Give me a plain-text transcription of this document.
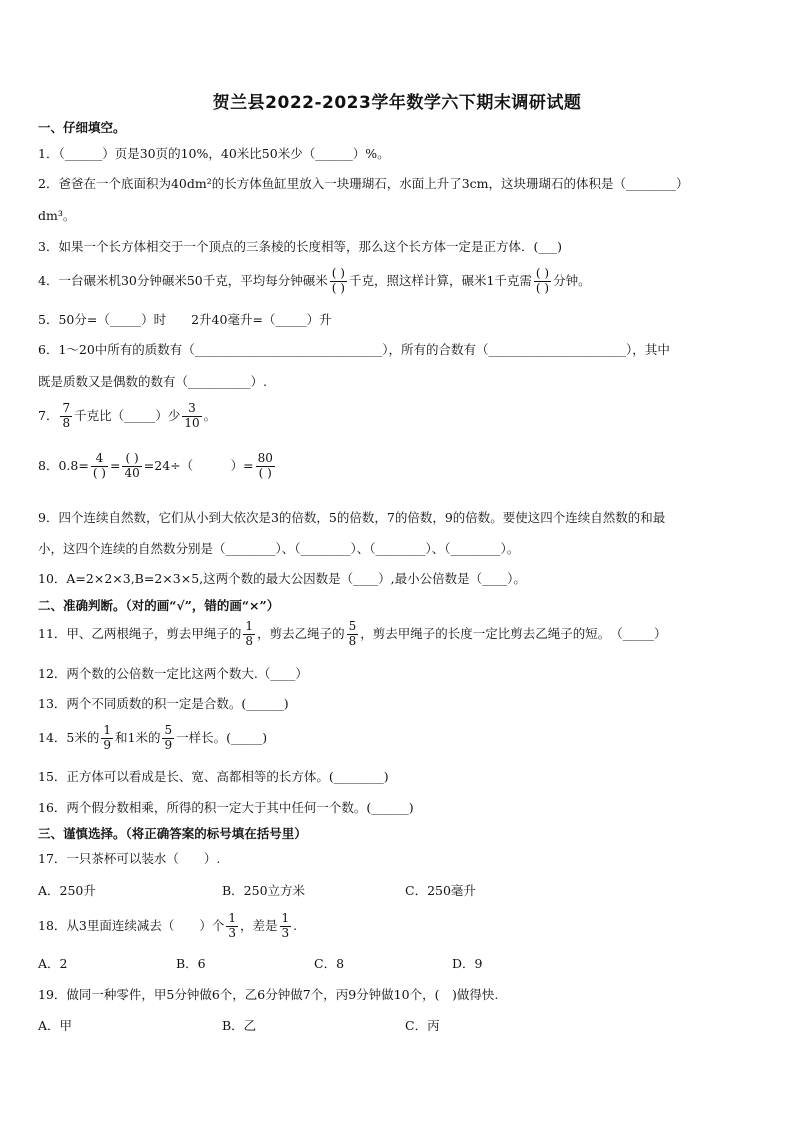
贺兰县2022-2023学年数学六下期末调研试题
一、仔细填空。
1．（______）页是30页的10%，40米比50米少（______）%。
2．爸爸在一个底面积为40dm²的长方体鱼缸里放入一块珊瑚石，水面上升了3cm，这块珊瑚石的体积是（________）
dm³。
3．如果一个长方体相交于一个顶点的三条棱的长度相等，那么这个长方体一定是正方体．(___)
4．一台碾米机30分钟碾米50千克，平均每分钟碾米 $\frac{( )}{( )}$ 千克，照这样计算，碾米1千克需 $\frac{( )}{( )}$ 分钟。
5．50分=（_____）时　　2升40毫升=（_____）升
6．1～20中所有的质数有（______________________________），所有的合数有（______________________），其中
既是质数又是偶数的数有（__________）.
7． $\frac{7}{8}$ 千克比（_____）少 $\frac{3}{10}$ 。
8．$0.8= \frac{4}{( )} = \frac{( )}{40} =24\div$（　　　）= $\frac{80}{( )}$
9．四个连续自然数，它们从小到大依次是3的倍数，5的倍数，7的倍数，9的倍数。要使这四个连续自然数的和最
小，这四个连续的自然数分别是（________）、（________）、（________）、（________）。
10．A=2×2×3,B=2×3×5,这两个数的最大公因数是（____）,最小公倍数是（____）。
二、准确判断。（对的画“√”，错的画“×”）
11．甲、乙两根绳子，剪去甲绳子的 $\frac{1}{8}$ ，剪去乙绳子的 $\frac{5}{8}$ ，剪去甲绳子的长度一定比剪去乙绳子的短。　（_____）
12．两个数的公倍数一定比这两个数大.（____）
13．两个不同质数的积一定是合数。(______)
14．5米的 $\frac{1}{9}$ 和1米的 $\frac{5}{9}$ 一样长。(_____)
15．正方体可以看成是长、宽、高都相等的长方体。(________)
16．两个假分数相乘，所得的积一定大于其中任何一个数。(______)
三、谨慎选择。（将正确答案的标号填在括号里）
17．一只茶杯可以装水（　　）.
A．250升	B．250立方米	C．250毫升
18．从3里面连续减去（　　）个 $\frac{1}{3}$ ，差是 $\frac{1}{3}$ .
A．2	B．6	C．8	D．9
19．做同一种零件，甲5分钟做6个，乙6分钟做7个，丙9分钟做10个，(　)做得快.
A．甲	B．乙	C．丙
